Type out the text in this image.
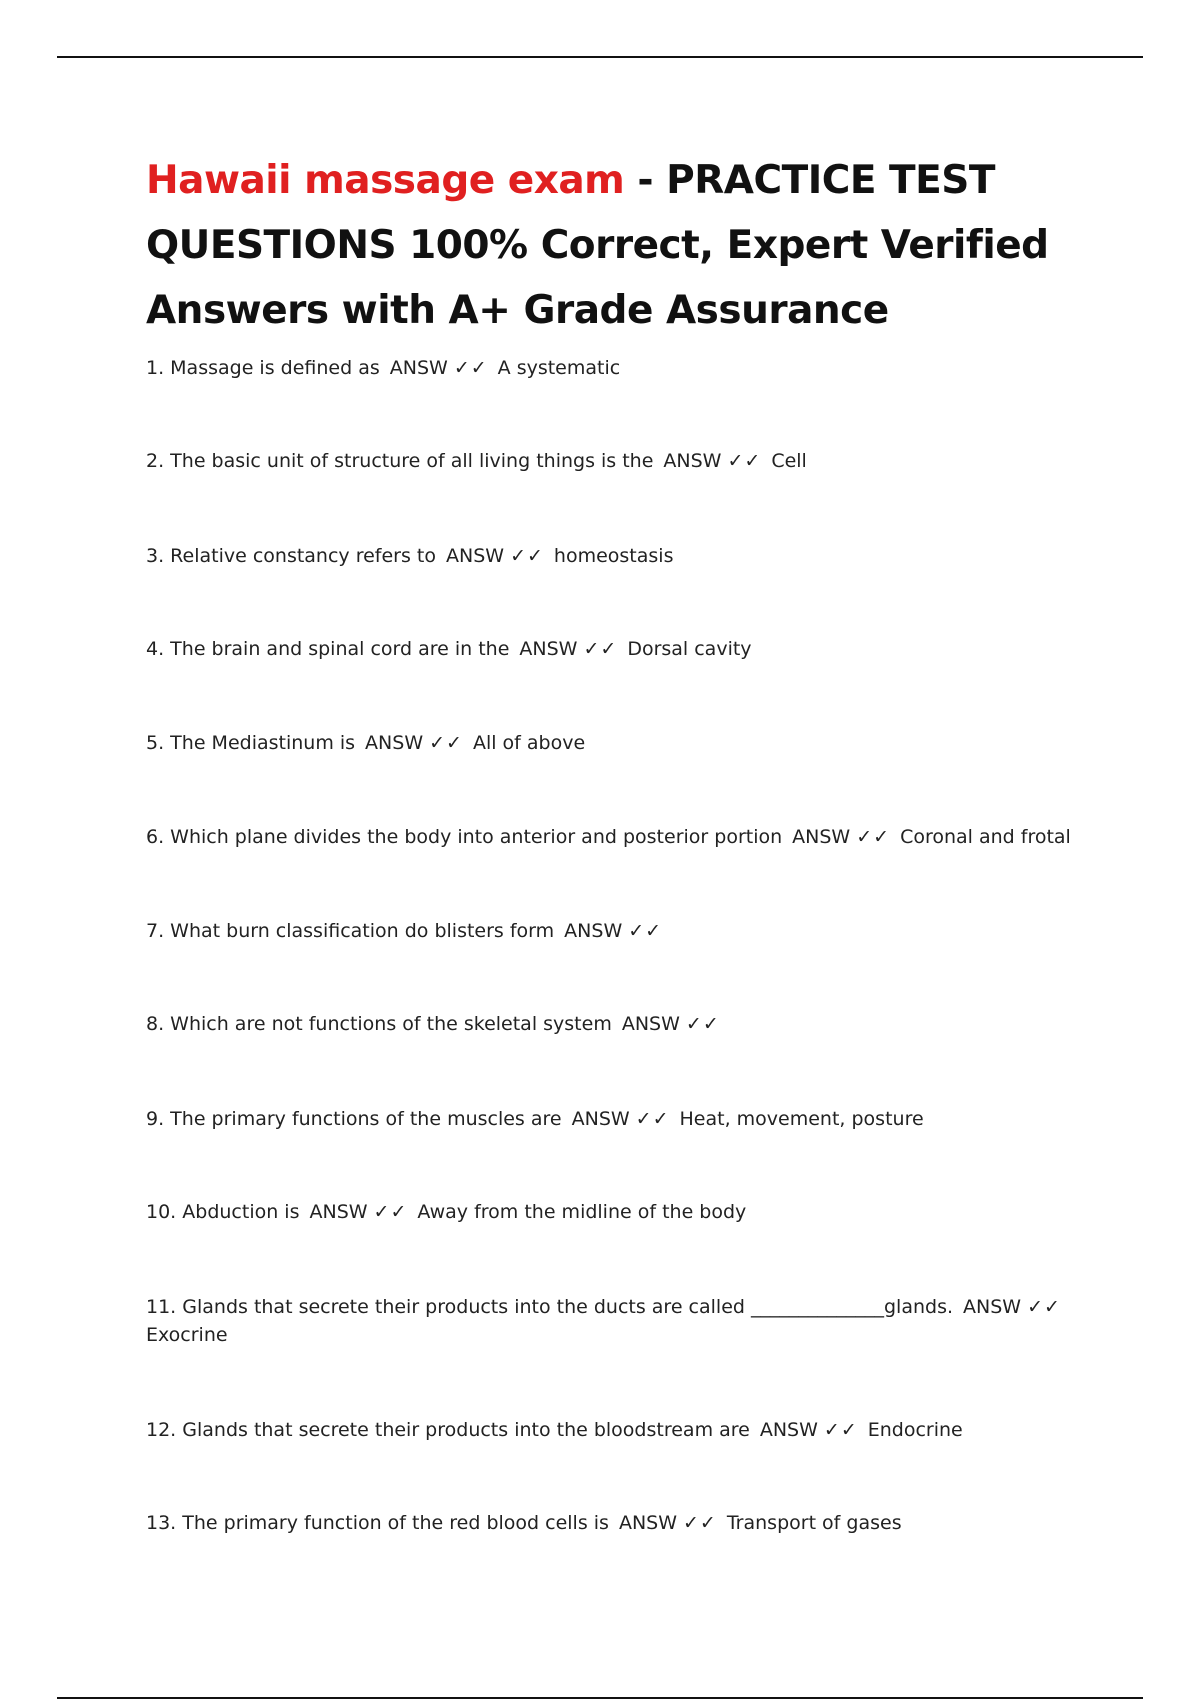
Hawaii massage exam - PRACTICE TEST QUESTIONS 100% Correct, Expert Verified Answers with A+ Grade Assurance
1. Massage is defined as ANSW ✓✓ A systematic
2. The basic unit of structure of all living things is the ANSW ✓✓ Cell
3. Relative constancy refers to ANSW ✓✓ homeostasis
4. The brain and spinal cord are in the ANSW ✓✓ Dorsal cavity
5. The Mediastinum is ANSW ✓✓ All of above
6. Which plane divides the body into anterior and posterior portion ANSW ✓✓ Coronal and frotal
7. What burn classification do blisters form ANSW ✓✓
8. Which are not functions of the skeletal system ANSW ✓✓
9. The primary functions of the muscles are ANSW ✓✓ Heat, movement, posture
10. Abduction is ANSW ✓✓ Away from the midline of the body
11. Glands that secrete their products into the ducts are called ______________glands. ANSW ✓✓
Exocrine
12. Glands that secrete their products into the bloodstream are ANSW ✓✓ Endocrine
13. The primary function of the red blood cells is ANSW ✓✓ Transport of gases
